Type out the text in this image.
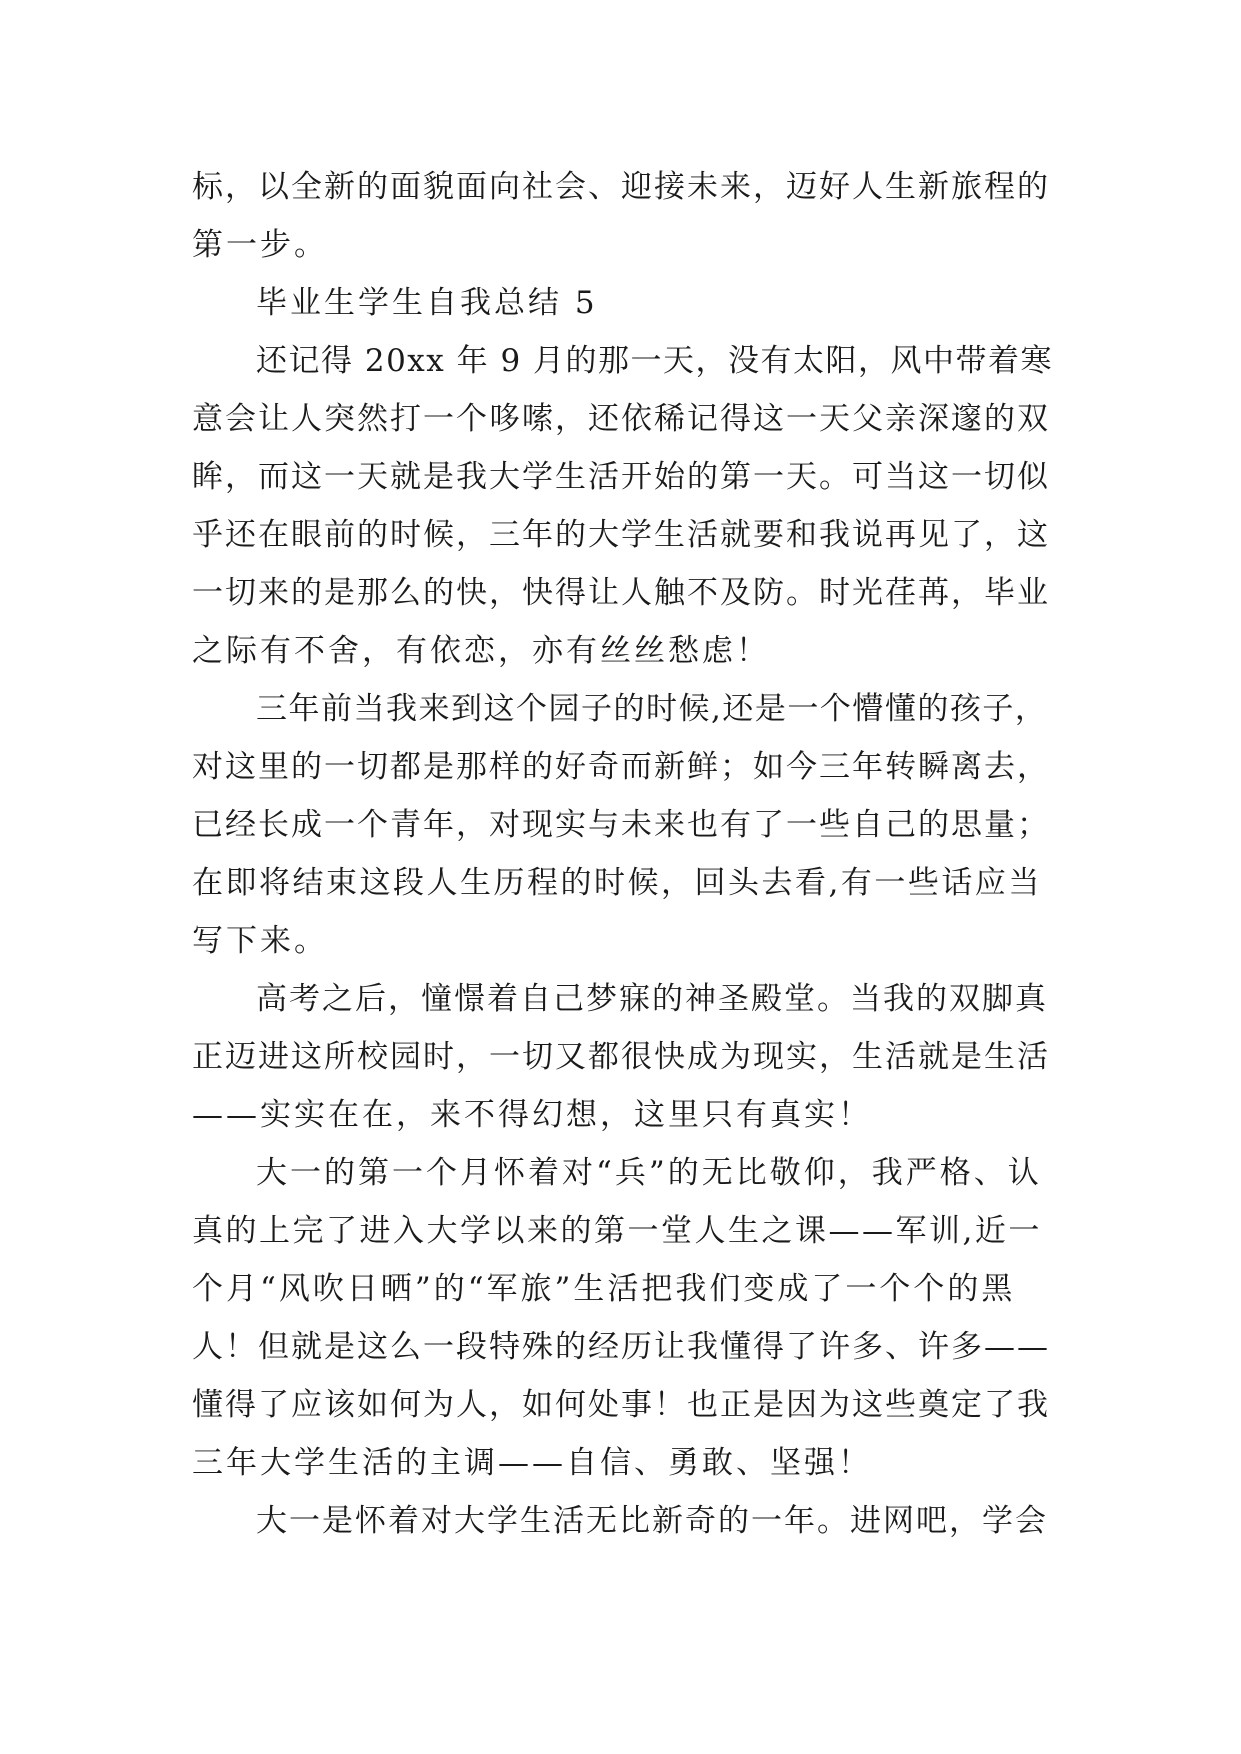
标，以全新的面貌面向社会、迎接未来，迈好人生新旅程的
第一步。
毕业生学生自我总结 5
还记得 20xx 年 9 月的那一天，没有太阳，风中带着寒
意会让人突然打一个哆嗦，还依稀记得这一天父亲深邃的双
眸，而这一天就是我大学生活开始的第一天。可当这一切似
乎还在眼前的时候，三年的大学生活就要和我说再见了，这
一切来的是那么的快，快得让人触不及防。时光荏苒，毕业
之际有不舍，有依恋，亦有丝丝愁虑！
三年前当我来到这个园子的时候,还是一个懵懂的孩子，
对这里的一切都是那样的好奇而新鲜；如今三年转瞬离去，
已经长成一个青年，对现实与未来也有了一些自己的思量；
在即将结束这段人生历程的时候，回头去看,有一些话应当
写下来。
高考之后，憧憬着自己梦寐的神圣殿堂。当我的双脚真
正迈进这所校园时，一切又都很快成为现实，生活就是生活
——实实在在，来不得幻想，这里只有真实！
大一的第一个月怀着对“兵”的无比敬仰，我严格、认
真的上完了进入大学以来的第一堂人生之课——军训,近一
个月“风吹日晒”的“军旅”生活把我们变成了一个个的黑
人！但就是这么一段特殊的经历让我懂得了许多、许多——
懂得了应该如何为人，如何处事！也正是因为这些奠定了我
三年大学生活的主调——自信、勇敢、坚强！
大一是怀着对大学生活无比新奇的一年。进网吧，学会
